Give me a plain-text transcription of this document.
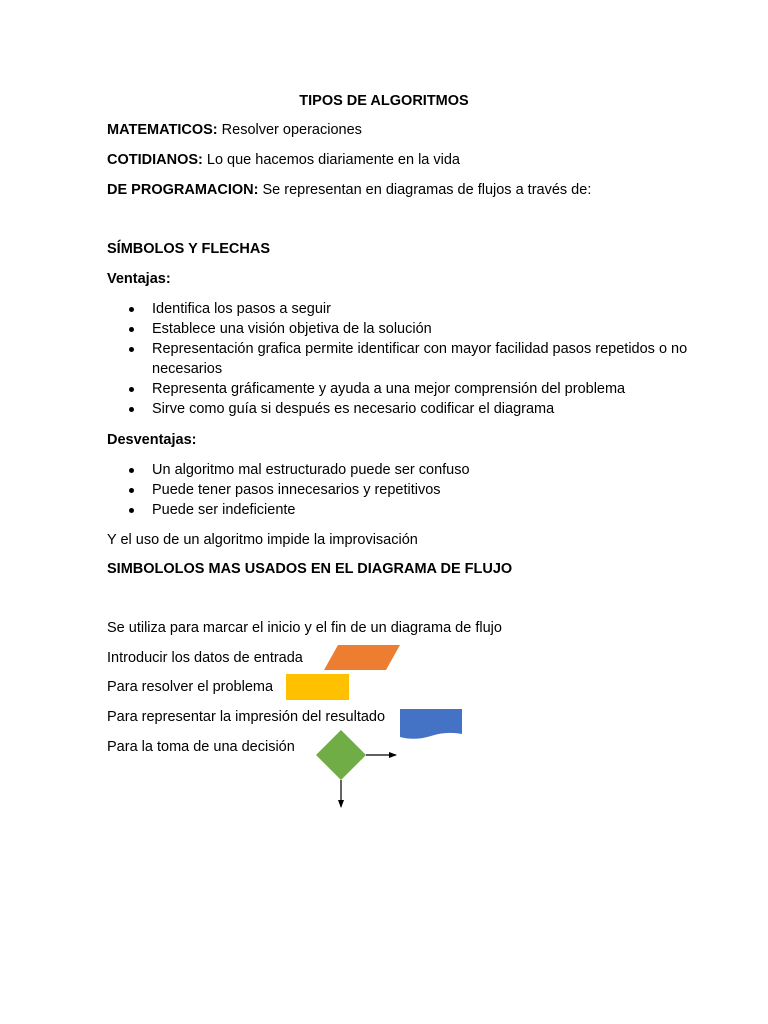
TIPOS DE ALGORITMOS
MATEMATICOS: Resolver operaciones
COTIDIANOS: Lo que hacemos diariamente en la vida
DE PROGRAMACION: Se representan en diagramas de flujos a través de:
SÍMBOLOS Y FLECHAS
Ventajas:
Identifica los pasos a seguir
Establece una visión objetiva de la solución
Representación grafica permite identificar con mayor facilidad pasos repetidos o no necesarios
Representa gráficamente y ayuda a una mejor comprensión del problema
Sirve como guía si después es necesario codificar el diagrama
Desventajas:
Un algoritmo mal estructurado puede ser confuso
Puede tener pasos innecesarios y repetitivos
Puede ser indeficiente
Y el uso de un algoritmo impide la improvisación
SIMBOLOLOS MAS USADOS EN EL DIAGRAMA DE FLUJO
Se utiliza para marcar el inicio y el fin de un diagrama de flujo
Introducir los datos de entrada
Para resolver el problema
Para representar la impresión del resultado
Para la toma de una decisión
